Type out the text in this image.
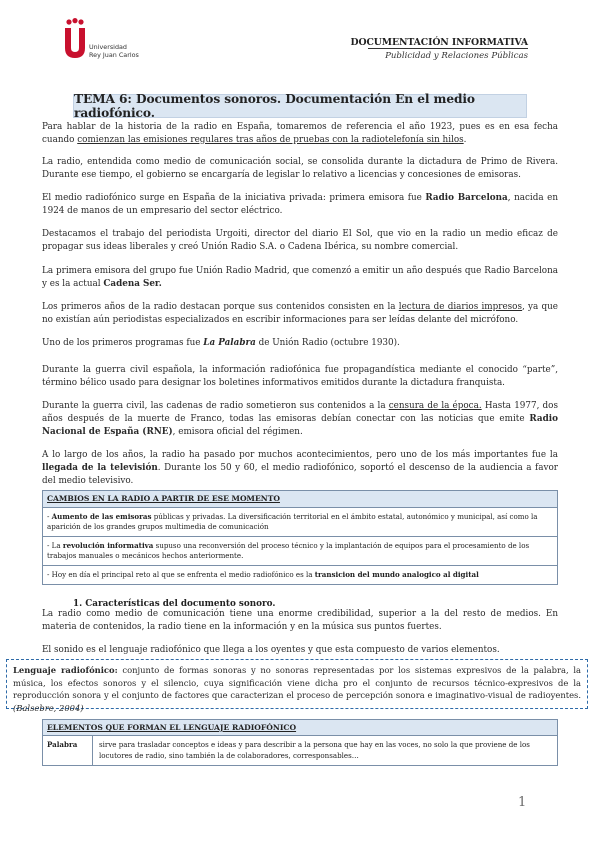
Universidad
Rey Juan Carlos
DOCUMENTACIÓN INFORMATIVA
Publicidad y Relaciones Públicas
TEMA 6: Documentos sonoros. Documentación En el medio radiofónico.

Para hablar de la historia de la radio en España, tomaremos de referencia el año 1923, pues es en esa fecha cuando comienzan las emisiones regulares tras años de pruebas con la radiotelefonía sin hilos.

La radio, entendida como medio de comunicación social, se consolida durante la dictadura de Primo de Rivera. Durante ese tiempo, el gobierno se encargaría de legislar lo relativo a licencias y concesiones de emisoras.

El medio radiofónico surge en España de la iniciativa privada: primera emisora fue Radio Barcelona, nacida en 1924 de manos de un empresario del sector eléctrico.

Destacamos el trabajo del periodista Urgoiti, director del diario El Sol, que vio en la radio un medio eficaz de propagar sus ideas liberales y creó Unión Radio S.A. o Cadena Ibérica, su nombre comercial.

La primera emisora del grupo fue Unión Radio Madrid, que comenzó a emitir un año después que Radio Barcelona y es la actual Cadena Ser.

Los primeros años de la radio destacan porque sus contenidos consisten en la lectura de diarios impresos, ya que no existían aún periodistas especializados en escribir informaciones para ser leídas delante del micrófono.

Uno de los primeros programas fue La Palabra de Unión Radio (octubre 1930).

Durante la guerra civil española, la información radiofónica fue propagandística mediante el conocido “parte”, término bélico usado para designar los boletines informativos emitidos durante la dictadura franquista.

Durante la guerra civil, las cadenas de radio sometieron sus contenidos a la censura de la época. Hasta 1977, dos años después de la muerte de Franco, todas las emisoras debían conectar con las noticias que emite Radio Nacional de España (RNE), emisora oficial del régimen.

A lo largo de los años, la radio ha pasado por muchos acontecimientos, pero uno de los más importantes fue la llegada de la televisión. Durante los 50 y 60, el medio radiofónico, soportó el descenso de la audiencia a favor del medio televisivo.

CAMBIOS EN LA RADIO A PARTIR DE ESE MOMENTO
- Aumento de las emisoras públicas y privadas. La diversificación territorial en el ámbito estatal, autonómico y municipal, así como la aparición de los grandes grupos multimedia de comunicación
- La revolución informativa supuso una reconversión del proceso técnico y la implantación de equipos para el procesamiento de los trabajos manuales o mecánicos hechos anteriormente.
- Hoy en día el principal reto al que se enfrenta el medio radiofónico es la transicion del mundo analogico al digital
1. Características del documento sonoro.

La radio como medio de comunicación tiene una enorme credibilidad, superior a la del resto de medios. En materia de contenidos, la radio tiene en la información y en la música sus puntos fuertes.

El sonido es el lenguaje radiofónico que llega a los oyentes y que esta compuesto de varios elementos.

Lenguaje radiofónico: conjunto de formas sonoras y no sonoras representadas por los sistemas expresivos de la palabra, la música, los efectos sonoros y el silencio, cuya significación viene dicha pro el conjunto de recursos técnico-expresivos de la reproducción sonora y el conjunto de factores que caracterizan el proceso de percepción sonora e imaginativo-visual de radioyentes. (Balsebre, 2004)
ELEMENTOS QUE FORMAN EL LENGUAJE RADIOFÓNICO
Palabra	sirve para trasladar conceptos e ideas y para describir a la persona que hay en las voces, no solo la que proviene de los locutores de radio, sino también la de colaboradores, corresponsables…
1
